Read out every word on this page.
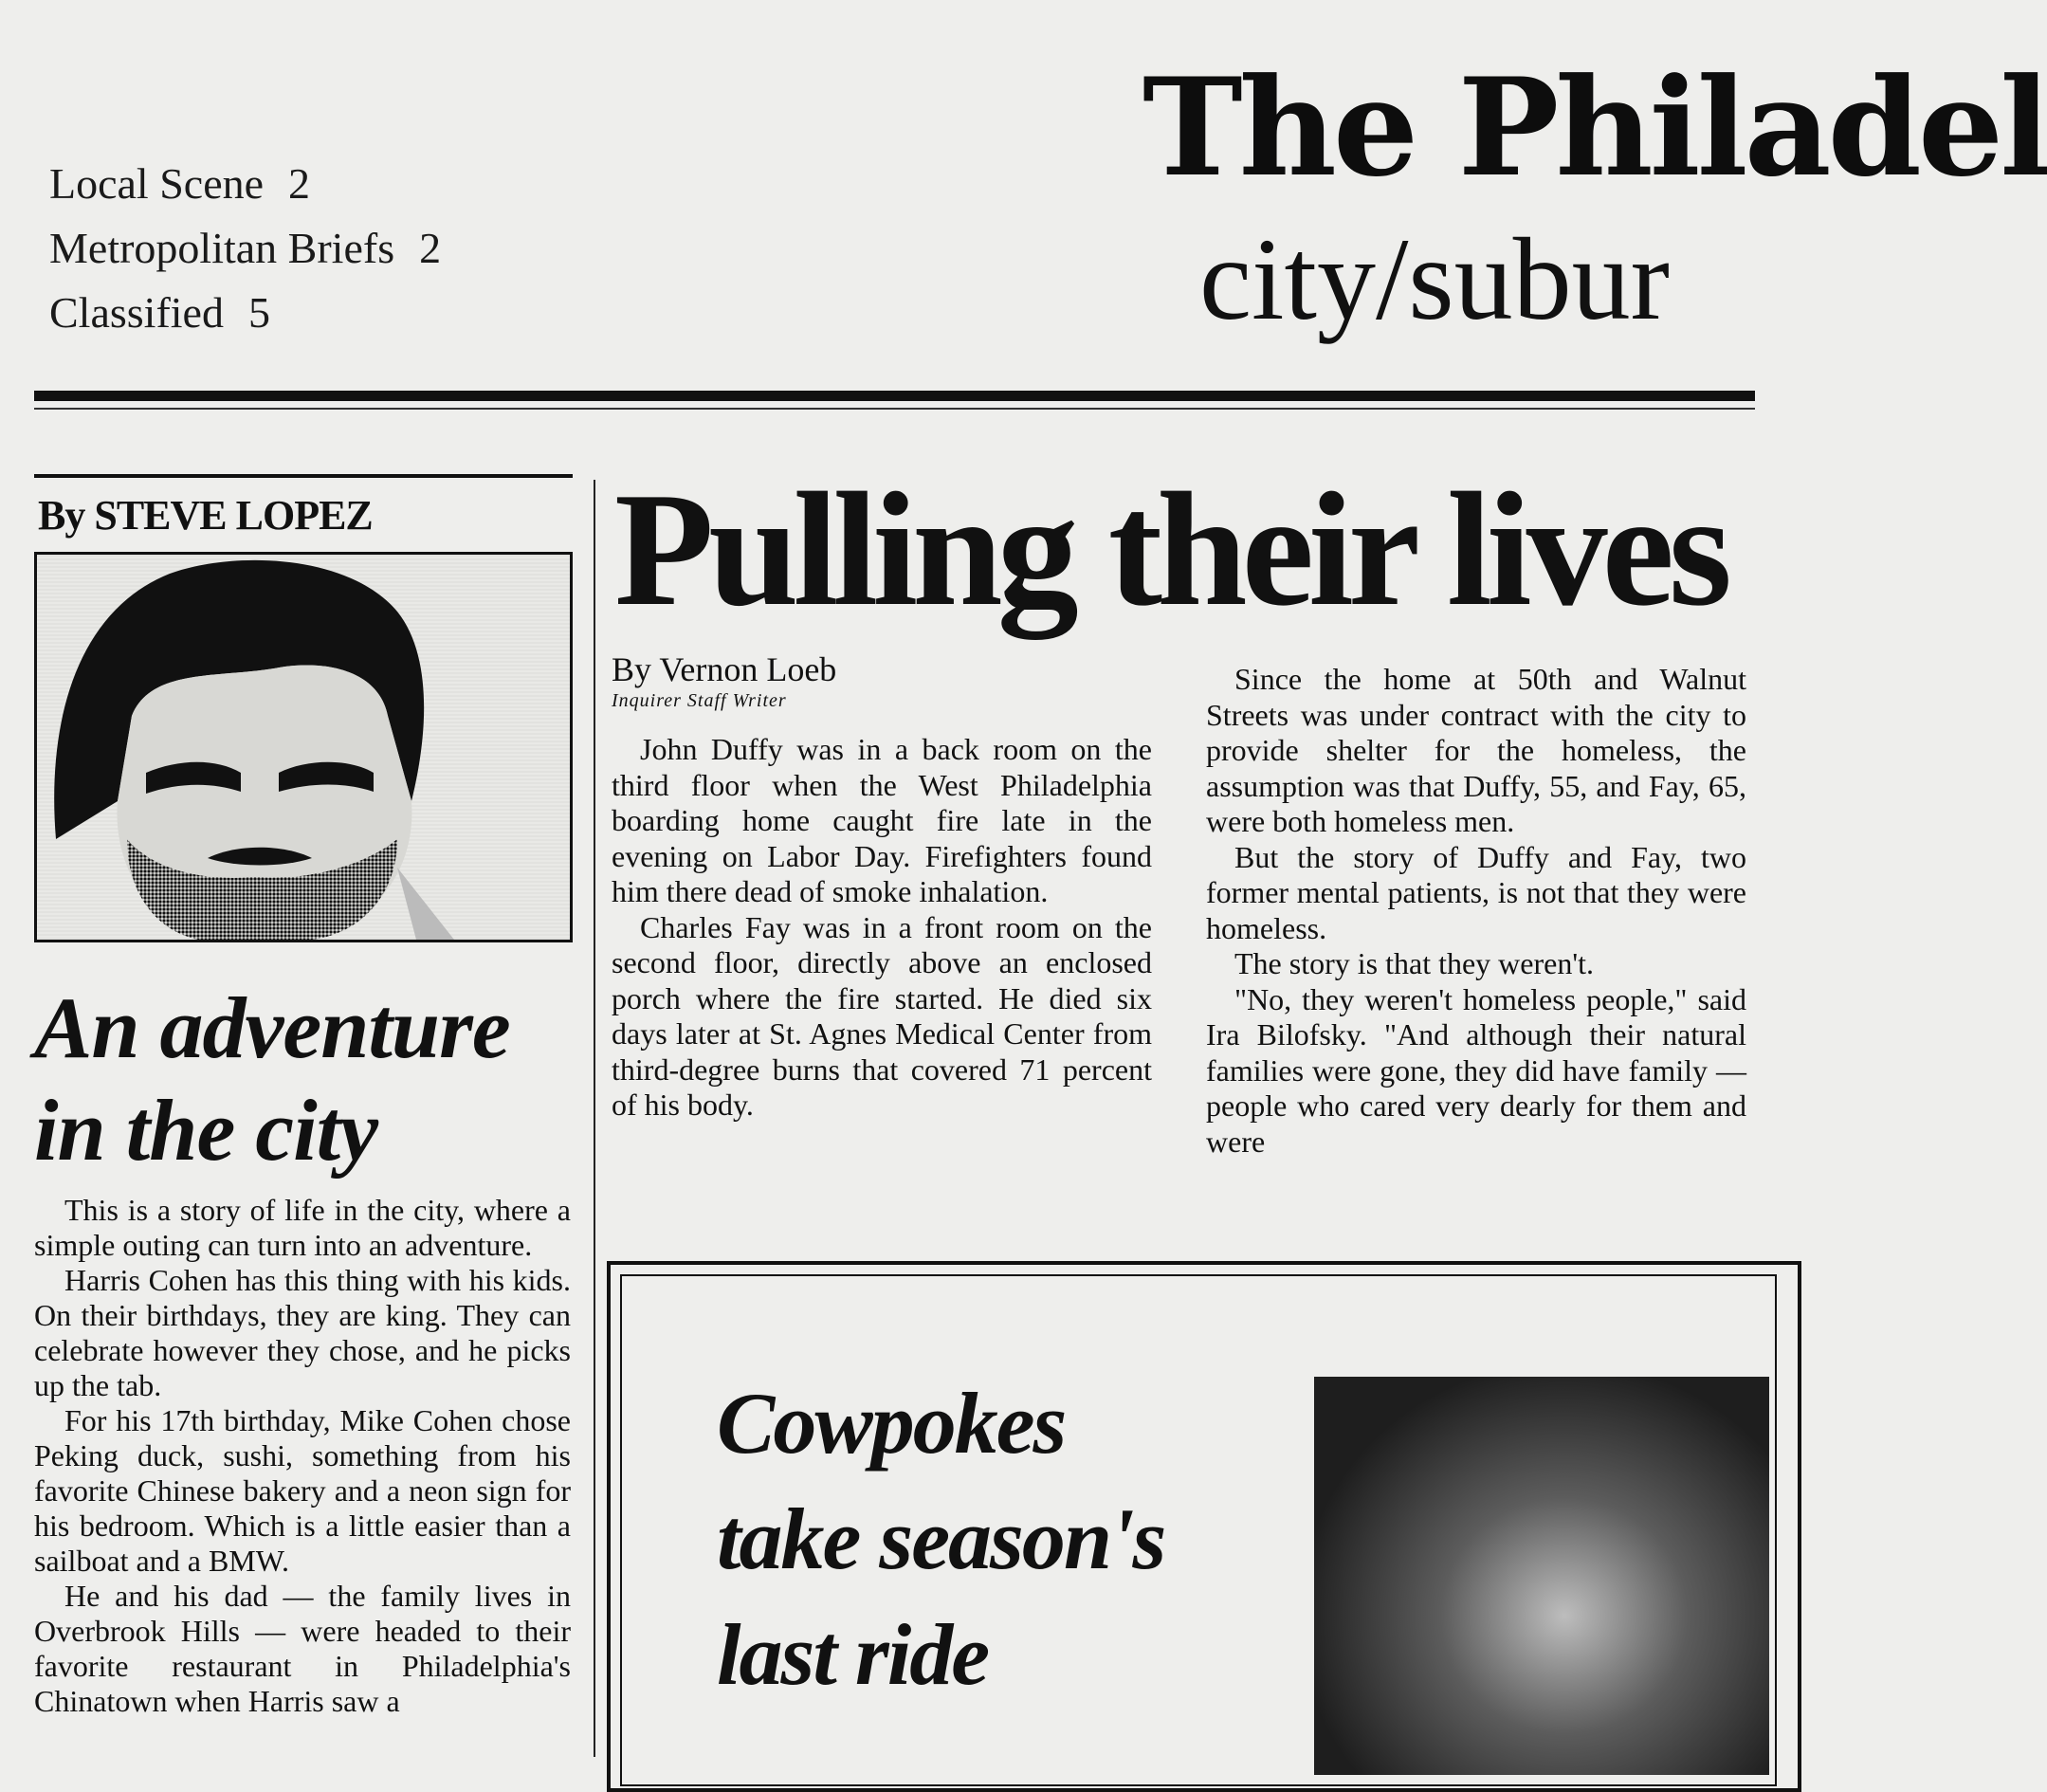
Local Scene 2
Metropolitan Briefs 2
Classified 5
The Philadel
city/subur
By STEVE LOPEZ
An adventure
in the city

This is a story of life in the city, where a simple outing can turn into an adventure.

Harris Cohen has this thing with his kids. On their birthdays, they are king. They can celebrate however they chose, and he picks up the tab.

For his 17th birthday, Mike Cohen chose Peking duck, sushi, something from his favorite Chinese bakery and a neon sign for his bedroom. Which is a little easier than a sailboat and a BMW.

He and his dad — the family lives in Overbrook Hills — were headed to their favorite restaurant in Philadelphia's Chinatown when Harris saw a

Pulling their lives
By Vernon Loeb
Inquirer Staff Writer

John Duffy was in a back room on the third floor when the West Philadelphia boarding home caught fire late in the evening on Labor Day. Firefighters found him there dead of smoke inhalation.

Charles Fay was in a front room on the second floor, directly above an enclosed porch where the fire started. He died six days later at St. Agnes Medical Center from third-degree burns that covered 71 percent of his body.

Since the home at 50th and Walnut Streets was under contract with the city to provide shelter for the homeless, the assumption was that Duffy, 55, and Fay, 65, were both homeless men.

But the story of Duffy and Fay, two former mental patients, is not that they were homeless.

The story is that they weren't.

"No, they weren't homeless people," said Ira Bilofsky. "And although their natural families were gone, they did have family — people who cared very dearly for them and were

Cowpokes
take season's
last ride
